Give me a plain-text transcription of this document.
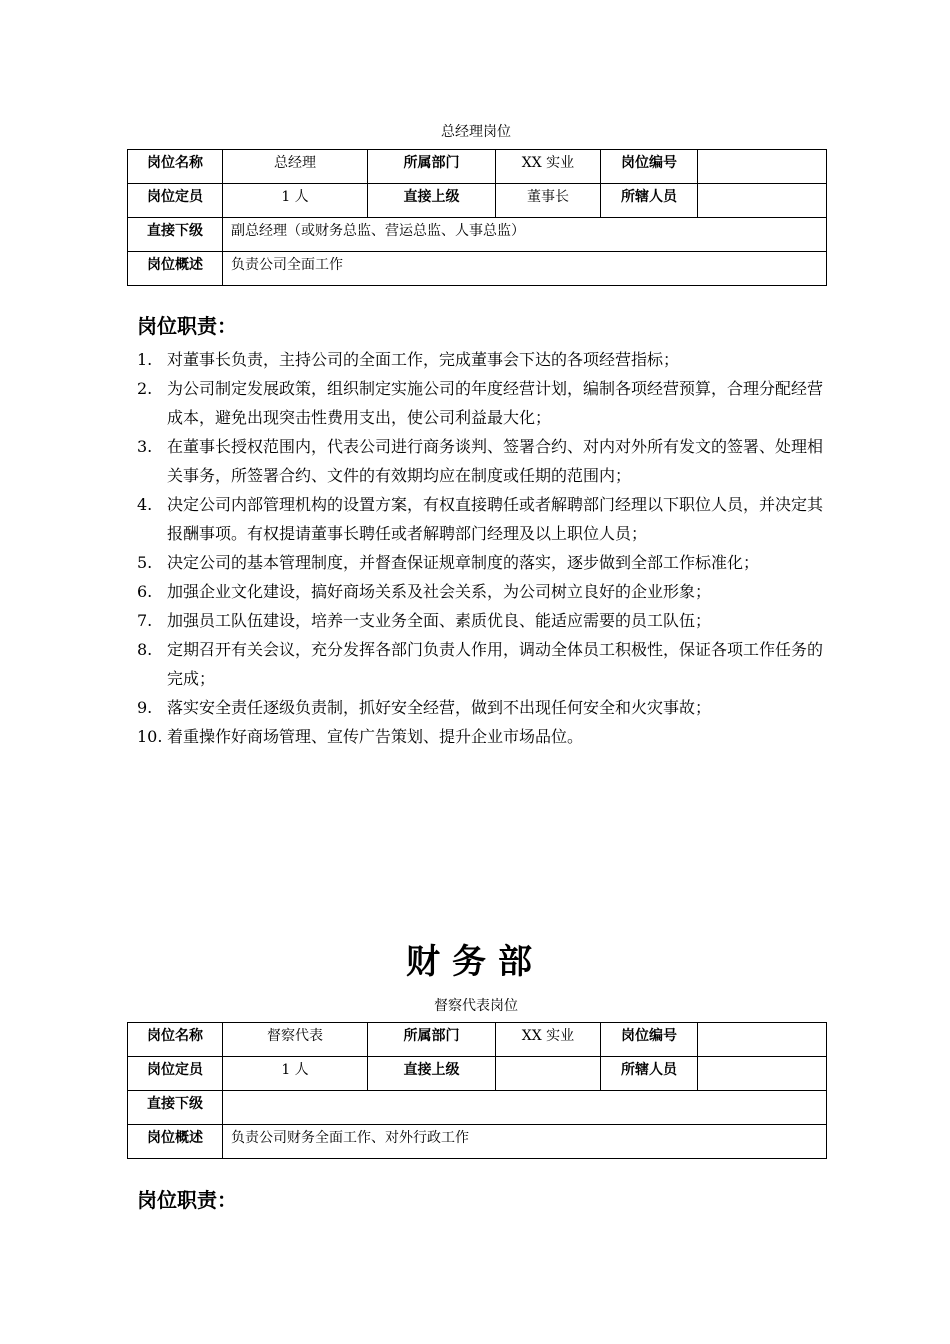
总经理岗位
岗位名称	总经理	所属部门	XX 实业	岗位编号	
岗位定员	1 人	直接上级	董事长	所辖人员	
直接下级	副总经理（或财务总监、营运总监、人事总监）				
岗位概述	负责公司全面工作				
岗位职责：
1. 对董事长负责，主持公司的全面工作，完成董事会下达的各项经营指标；
2. 为公司制定发展政策，组织制定实施公司的年度经营计划，编制各项经营预算，合理分配经营成本，避免出现突击性费用支出，使公司利益最大化；
3. 在董事长授权范围内，代表公司进行商务谈判、签署合约、对内对外所有发文的签署、处理相关事务，所签署合约、文件的有效期均应在制度或任期的范围内；
4. 决定公司内部管理机构的设置方案，有权直接聘任或者解聘部门经理以下职位人员，并决定其报酬事项。有权提请董事长聘任或者解聘部门经理及以上职位人员；
5. 决定公司的基本管理制度，并督查保证规章制度的落实，逐步做到全部工作标准化；
6. 加强企业文化建设，搞好商场关系及社会关系，为公司树立良好的企业形象；
7. 加强员工队伍建设，培养一支业务全面、素质优良、能适应需要的员工队伍；
8. 定期召开有关会议，充分发挥各部门负责人作用，调动全体员工积极性，保证各项工作任务的完成；
9. 落实安全责任逐级负责制，抓好安全经营，做到不出现任何安全和火灾事故；
10. 着重操作好商场管理、宣传广告策划、提升企业市场品位。
财务部
督察代表岗位
岗位名称	督察代表	所属部门	XX 实业	岗位编号	
岗位定员	1 人	直接上级		所辖人员	
直接下级					
岗位概述	负责公司财务全面工作、对外行政工作				
岗位职责：
